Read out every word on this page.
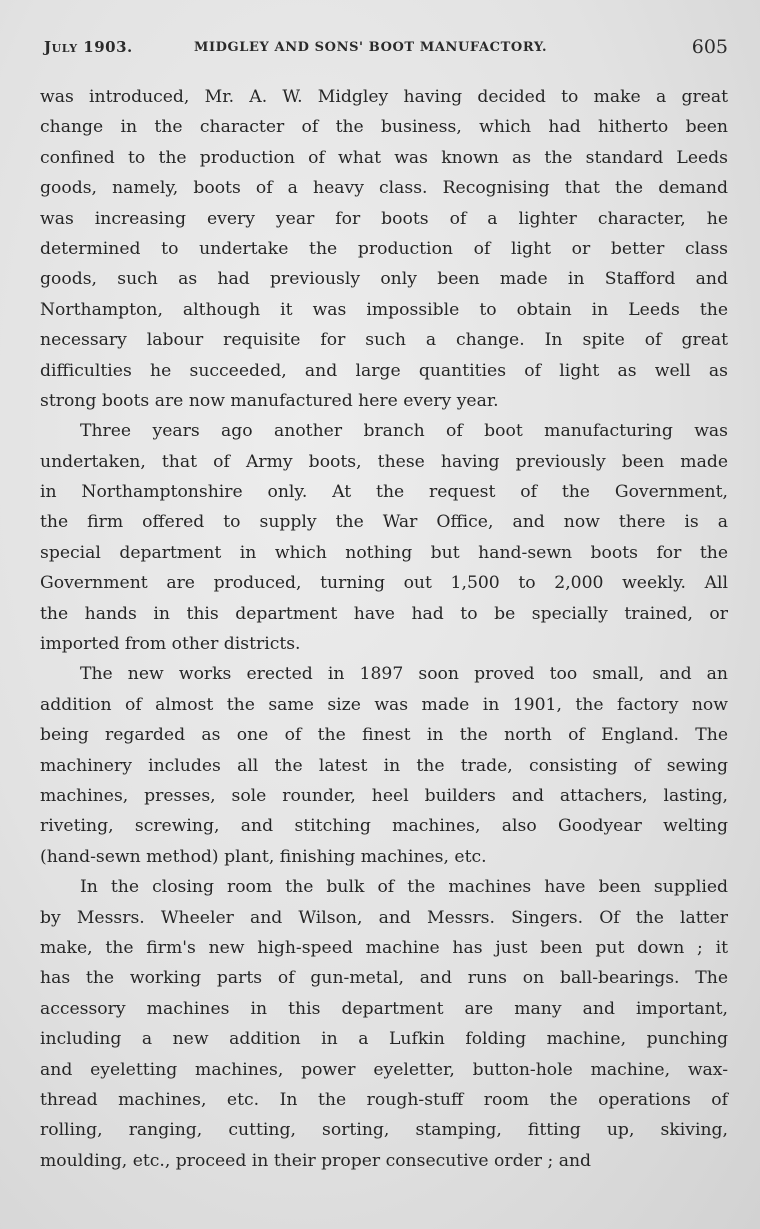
July 1903.	MIDGLEY AND SONS' BOOT MANUFACTORY.	605
was introduced, Mr. A. W. Midgley having decided to make a great
change in the character of the business, which had hitherto been
confined to the production of what was known as the standard Leeds
goods, namely, boots of a heavy class. Recognising that the demand
was increasing every year for boots of a lighter character, he
determined to undertake the production of light or better class
goods, such as had previously only been made in Stafford and
Northampton, although it was impossible to obtain in Leeds the
necessary labour requisite for such a change. In spite of great
difficulties he succeeded, and large quantities of light as well as
strong boots are now manufactured here every year.
Three years ago another branch of boot manufacturing was
undertaken, that of Army boots, these having previously been made
in Northamptonshire only. At the request of the Government,
the firm offered to supply the War Office, and now there is a
special department in which nothing but hand-sewn boots for the
Government are produced, turning out 1,500 to 2,000 weekly. All
the hands in this department have had to be specially trained, or
imported from other districts.
The new works erected in 1897 soon proved too small, and an
addition of almost the same size was made in 1901, the factory now
being regarded as one of the finest in the north of England. The
machinery includes all the latest in the trade, consisting of sewing
machines, presses, sole rounder, heel builders and attachers, lasting,
riveting, screwing, and stitching machines, also Goodyear welting
(hand-sewn method) plant, finishing machines, etc.
In the closing room the bulk of the machines have been supplied
by Messrs. Wheeler and Wilson, and Messrs. Singers. Of the latter
make, the firm's new high-speed machine has just been put down ; it
has the working parts of gun-metal, and runs on ball-bearings. The
accessory machines in this department are many and important,
including a new addition in a Lufkin folding machine, punching
and eyeletting machines, power eyeletter, button-hole machine, wax-
thread machines, etc. In the rough-stuff room the operations of
rolling, ranging, cutting, sorting, stamping, fitting up, skiving,
moulding, etc., proceed in their proper consecutive order ; and
